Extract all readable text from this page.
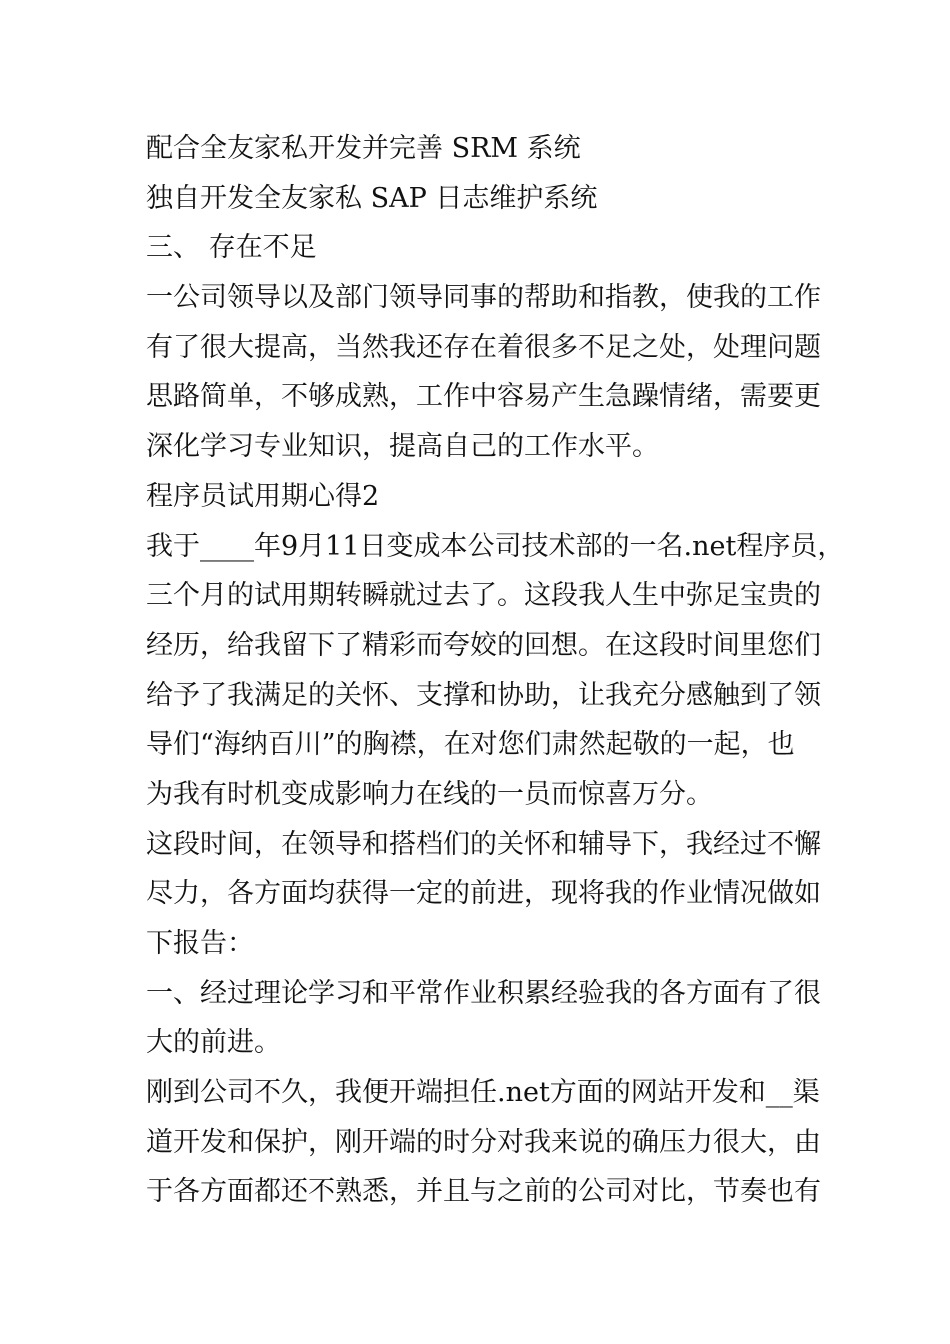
配合全友家私开发并完善 SRM 系统
独自开发全友家私 SAP 日志维护系统
三、 存在不足
一公司领导以及部门领导同事的帮助和指教，使我的工作
有了很大提高，当然我还存在着很多不足之处，处理问题
思路简单，不够成熟，工作中容易产生急躁情绪，需要更
深化学习专业知识，提高自己的工作水平。
程序员试用期心得2
我于____年9月11日变成本公司技术部的一名.net程序员，
三个月的试用期转瞬就过去了。这段我人生中弥足宝贵的
经历，给我留下了精彩而夸姣的回想。在这段时间里您们
给予了我满足的关怀、支撑和协助，让我充分感触到了领
导们“海纳百川”的胸襟，在对您们肃然起敬的一起，也
为我有时机变成影响力在线的一员而惊喜万分。
这段时间，在领导和搭档们的关怀和辅导下，我经过不懈
尽力，各方面均获得一定的前进，现将我的作业情况做如
下报告：
一、经过理论学习和平常作业积累经验我的各方面有了很
大的前进。
刚到公司不久，我便开端担任.net方面的网站开发和__渠
道开发和保护，刚开端的时分对我来说的确压力很大，由
于各方面都还不熟悉，并且与之前的公司对比，节奏也有
